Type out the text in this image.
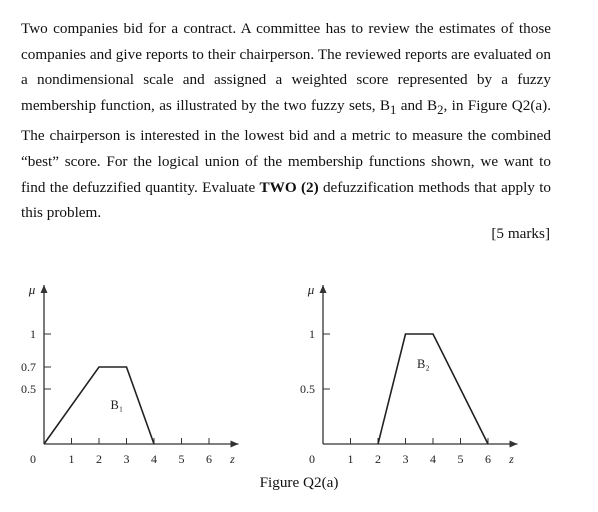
Two companies bid for a contract. A committee has to review the estimates of those companies and give reports to their chairperson. The reviewed reports are evaluated on a nondimensional scale and assigned a weighted score represented by a fuzzy membership function, as illustrated by the two fuzzy sets, $B_1$ and $B_2$, in Figure Q2(a). The chairperson is interested in the lowest bid and a metric to measure the combined “best” score. For the logical union of the membership functions shown, we want to find the defuzzified quantity. Evaluate TWO (2) defuzzification methods that apply to this problem.

[5 marks]
μ
z
0	1 2 3 4 5 6
1
0.7
0.5
B₁
μ
z
0	1 2 3 4 5 6
1
0.5
B₂
Figure Q2(a)
